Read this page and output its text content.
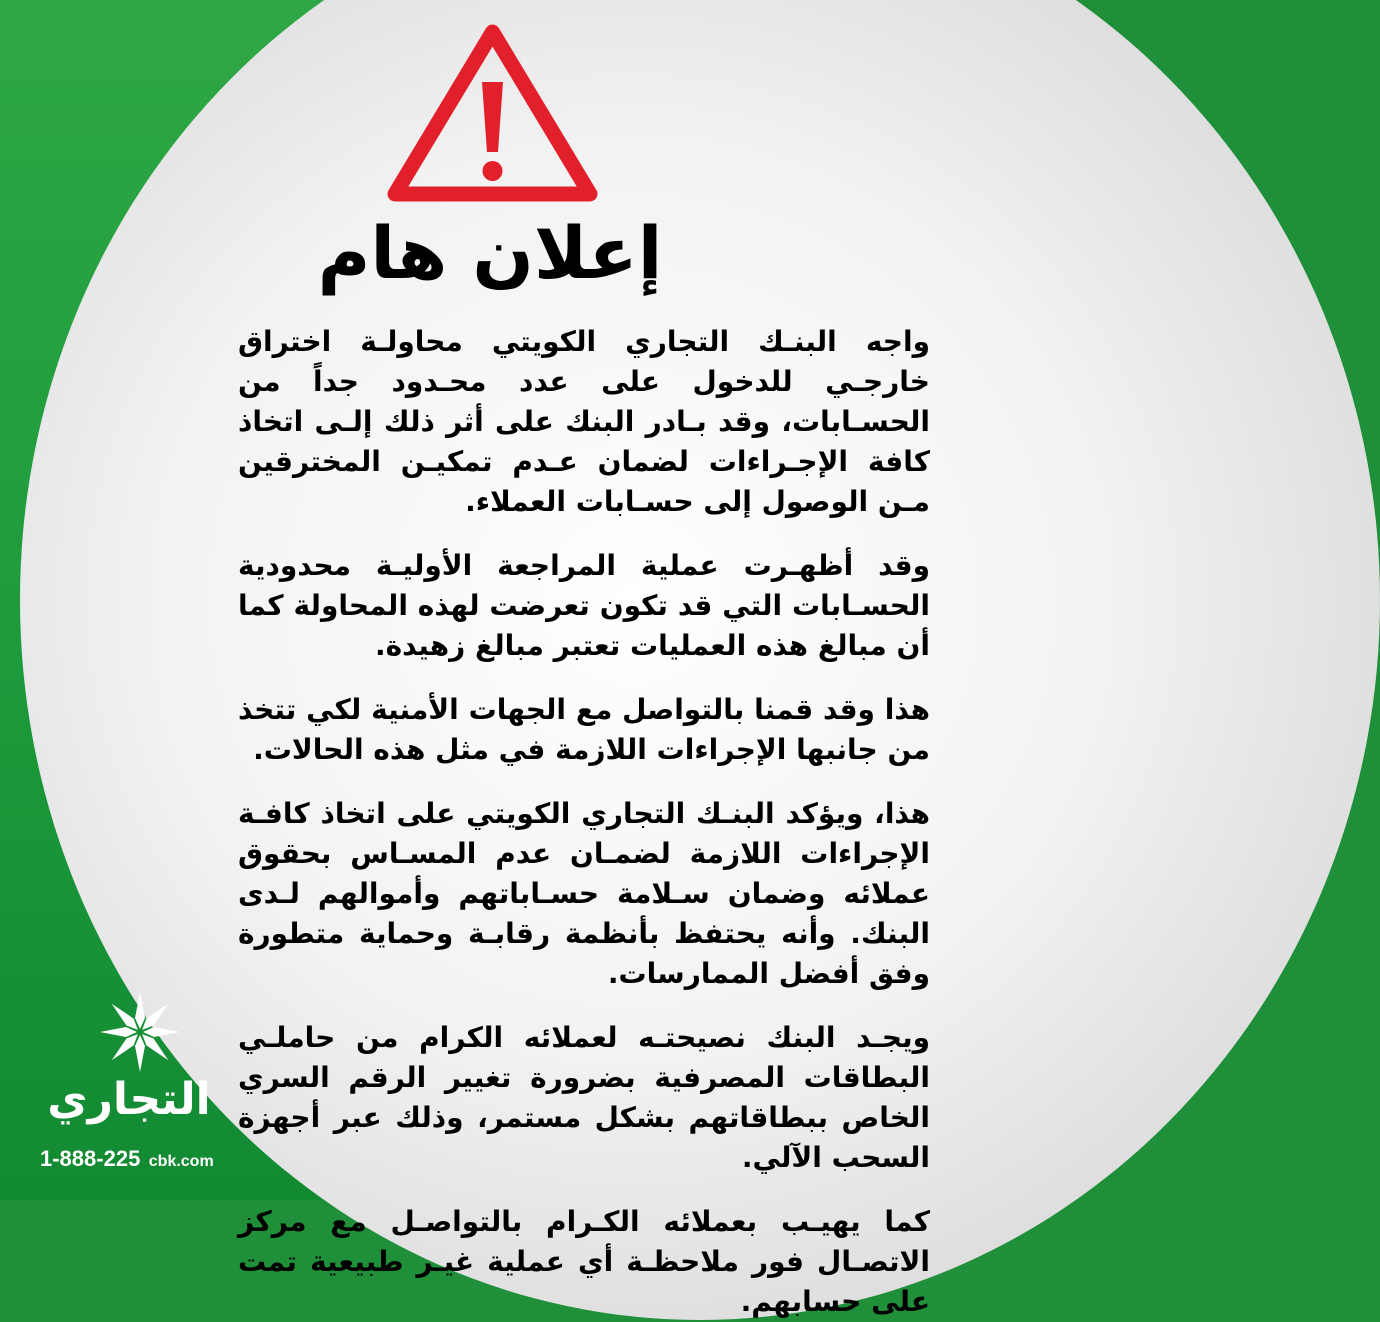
إعلان هام

واجه البنـك التجاري الكويتي محاولـة اختراق خارجـي للدخول على عدد محـدود جداً من الحسـابات، وقد بـادر البنك على أثر ذلك إلـى اتخاذ كافة الإجـراءات لضمان عـدم تمكيـن المخترقين مـن الوصول إلى حسـابات العملاء.

وقد أظهـرت عملية المراجعة الأوليـة محدودية الحسـابات التي قد تكون تعرضت لهذه المحاولة كما أن مبالغ هذه العمليات تعتبر مبالغ زهيدة.

هذا وقد قمنا بالتواصل مع الجهات الأمنية لكي تتخذ من جانبها الإجراءات اللازمة في مثل هذه الحالات.

هذا، ويؤكد البنـك التجاري الكويتي على اتخاذ كافـة الإجراءات اللازمة لضمـان عدم المسـاس بحقوق عملائه وضمان سـلامة حسـاباتهم وأموالهم لـدى البنك. وأنه يحتفظ بأنظمة رقابـة وحماية متطورة وفق أفضل الممارسات.

ويجـد البنك نصيحتـه لعملائه الكرام من حاملـي البطاقات المصرفية بضرورة تغيير الرقم السري الخاص ببطاقاتهم بشكل مستمر، وذلك عبر أجهزة السحب الآلي.

كما يهيـب بعملائه الكـرام بالتواصـل مع مركز الاتصـال فور ملاحظـة أي عملية غيـر طبيعية تمت على حسابهم.

التجاري
1-888-225 cbk.com
